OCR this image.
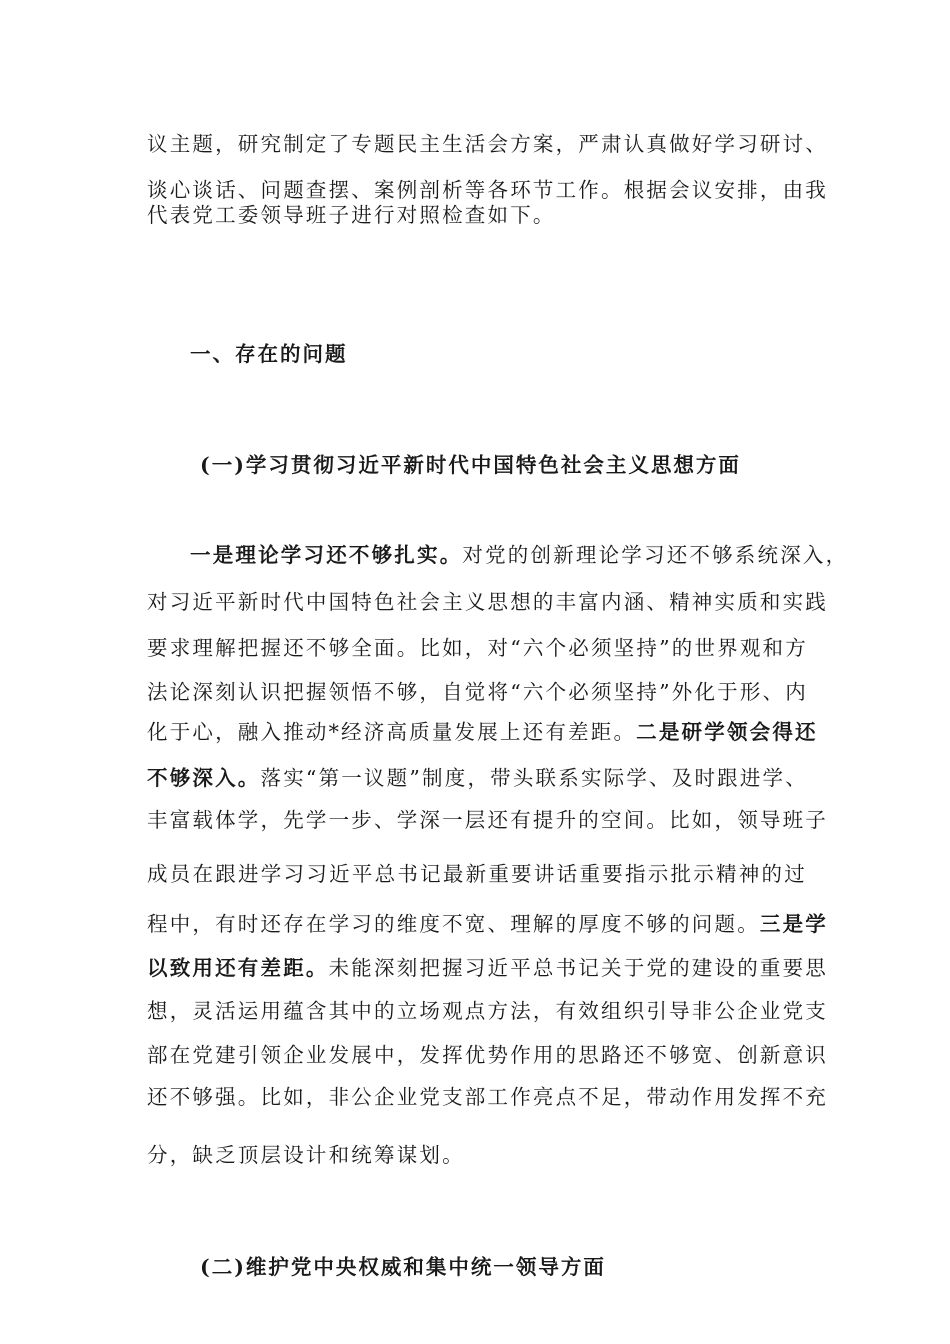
议主题，研究制定了专题民主生活会方案，严肃认真做好学习研讨、
谈心谈话、问题查摆、案例剖析等各环节工作。根据会议安排，由我
代表党工委领导班子进行对照检查如下。
一、存在的问题
(一)学习贯彻习近平新时代中国特色社会主义思想方面
一是理论学习还不够扎实。对党的创新理论学习还不够系统深入，
对习近平新时代中国特色社会主义思想的丰富内涵、精神实质和实践
要求理解把握还不够全面。比如，对“六个必须坚持”的世界观和方
法论深刻认识把握领悟不够，自觉将“六个必须坚持”外化于形、内
化于心，融入推动*经济高质量发展上还有差距。二是研学领会得还
不够深入。落实“第一议题”制度，带头联系实际学、及时跟进学、
丰富载体学，先学一步、学深一层还有提升的空间。比如，领导班子
成员在跟进学习习近平总书记最新重要讲话重要指示批示精神的过
程中，有时还存在学习的维度不宽、理解的厚度不够的问题。三是学
以致用还有差距。未能深刻把握习近平总书记关于党的建设的重要思
想，灵活运用蕴含其中的立场观点方法，有效组织引导非公企业党支
部在党建引领企业发展中，发挥优势作用的思路还不够宽、创新意识
还不够强。比如，非公企业党支部工作亮点不足，带动作用发挥不充
分，缺乏顶层设计和统筹谋划。
(二)维护党中央权威和集中统一领导方面
